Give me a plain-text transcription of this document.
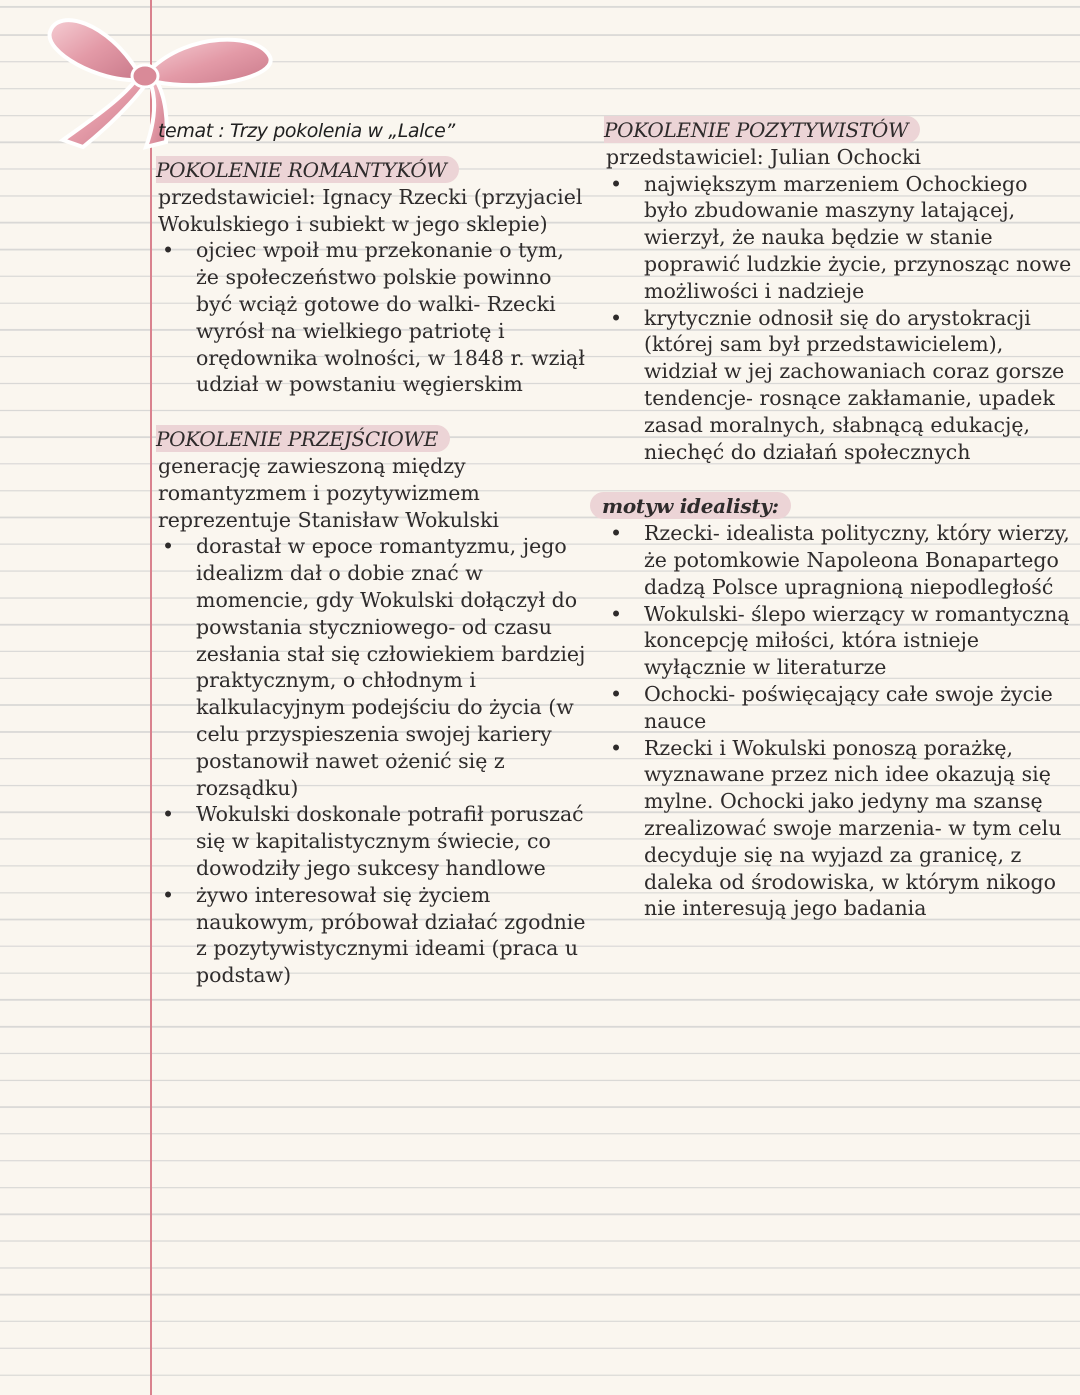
temat : Trzy pokolenia w „Lalce”
POKOLENIE ROMANTYKÓW
przedstawiciel: Ignacy Rzecki (przyjaciel Wokulskiego i subiekt w jego sklepie)
• ojciec wpoił mu przekonanie o tym, że społeczeństwo polskie powinno być wciąż gotowe do walki- Rzecki wyrósł na wielkiego patriotę i orędownika wolności, w 1848 r. wziął udział w powstaniu węgierskim
POKOLENIE PRZEJŚCIOWE
generację zawieszoną między romantyzmem i pozytywizmem reprezentuje Stanisław Wokulski
• dorastał w epoce romantyzmu, jego idealizm dał o dobie znać w momencie, gdy Wokulski dołączył do powstania styczniowego- od czasu zesłania stał się człowiekiem bardziej praktycznym, o chłodnym i kalkulacyjnym podejściu do życia (w celu przyspieszenia swojej kariery postanowił nawet ożenić się z rozsądku)
• Wokulski doskonale potrafił poruszać się w kapitalistycznym świecie, co dowodziły jego sukcesy handlowe
• żywo interesował się życiem naukowym, próbował działać zgodnie z pozytywistycznymi ideami (praca u podstaw)
POKOLENIE POZYTYWISTÓW
przedstawiciel: Julian Ochocki
• największym marzeniem Ochockiego było zbudowanie maszyny latającej, wierzył, że nauka będzie w stanie poprawić ludzkie życie, przynosząc nowe możliwości i nadzieje
• krytycznie odnosił się do arystokracji (której sam był przedstawicielem), widział w jej zachowaniach coraz gorsze tendencje- rosnące zakłamanie, upadek zasad moralnych, słabnącą edukację, niechęć do działań społecznych
motyw idealisty:
• Rzecki- idealista polityczny, który wierzy, że potomkowie Napoleona Bonapartego dadzą Polsce upragnioną niepodległość
• Wokulski- ślepo wierzący w romantyczną koncepcję miłości, która istnieje wyłącznie w literaturze
• Ochocki- poświęcający całe swoje życie nauce
• Rzecki i Wokulski ponoszą porażkę, wyznawane przez nich idee okazują się mylne. Ochocki jako jedyny ma szansę zrealizować swoje marzenia- w tym celu decyduje się na wyjazd za granicę, z daleka od środowiska, w którym nikogo nie interesują jego badania
